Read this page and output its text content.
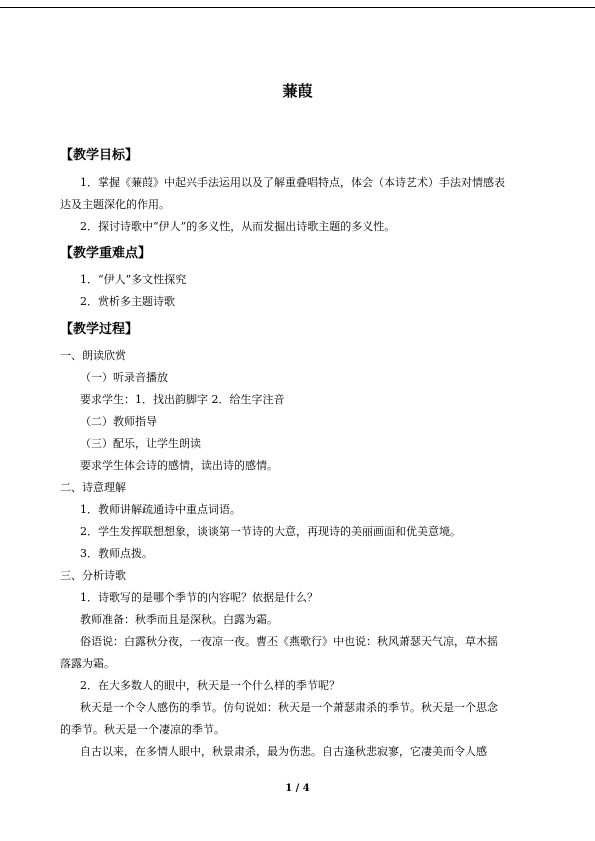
蒹葭
【教学目标】
1．掌握《蒹葭》中起兴手法运用以及了解重叠唱特点，体会（本诗艺术）手法对情感表
达及主题深化的作用。
2．探讨诗歌中“伊人”的多义性，从而发掘出诗歌主题的多义性。
【教学重难点】
1．“伊人”多文性探究
2．赏析多主题诗歌
【教学过程】
一、朗读欣赏
（一）听录音播放
要求学生：1．找出韵脚字 2．给生字注音
（二）教师指导
（三）配乐，让学生朗读
要求学生体会诗的感情，读出诗的感情。
二、诗意理解
1．教师讲解疏通诗中重点词语。
2．学生发挥联想想象，谈谈第一节诗的大意，再现诗的美丽画面和优美意境。
3．教师点拨。
三、分析诗歌
1．诗歌写的是哪个季节的内容呢？依据是什么？
教师准备：秋季而且是深秋。白露为霜。
俗语说：白露秋分夜，一夜凉一夜。曹丕《燕歌行》中也说：秋风萧瑟天气凉，草木摇
落露为霜。
2．在大多数人的眼中，秋天是一个什么样的季节呢？
秋天是一个令人感伤的季节。仿句说如：秋天是一个萧瑟肃杀的季节。秋天是一个思念
的季节。秋天是一个凄凉的季节。
自古以来，在多情人眼中，秋景肃杀，最为伤悲。自古逢秋悲寂寥，它凄美而令人感
1 / 4
